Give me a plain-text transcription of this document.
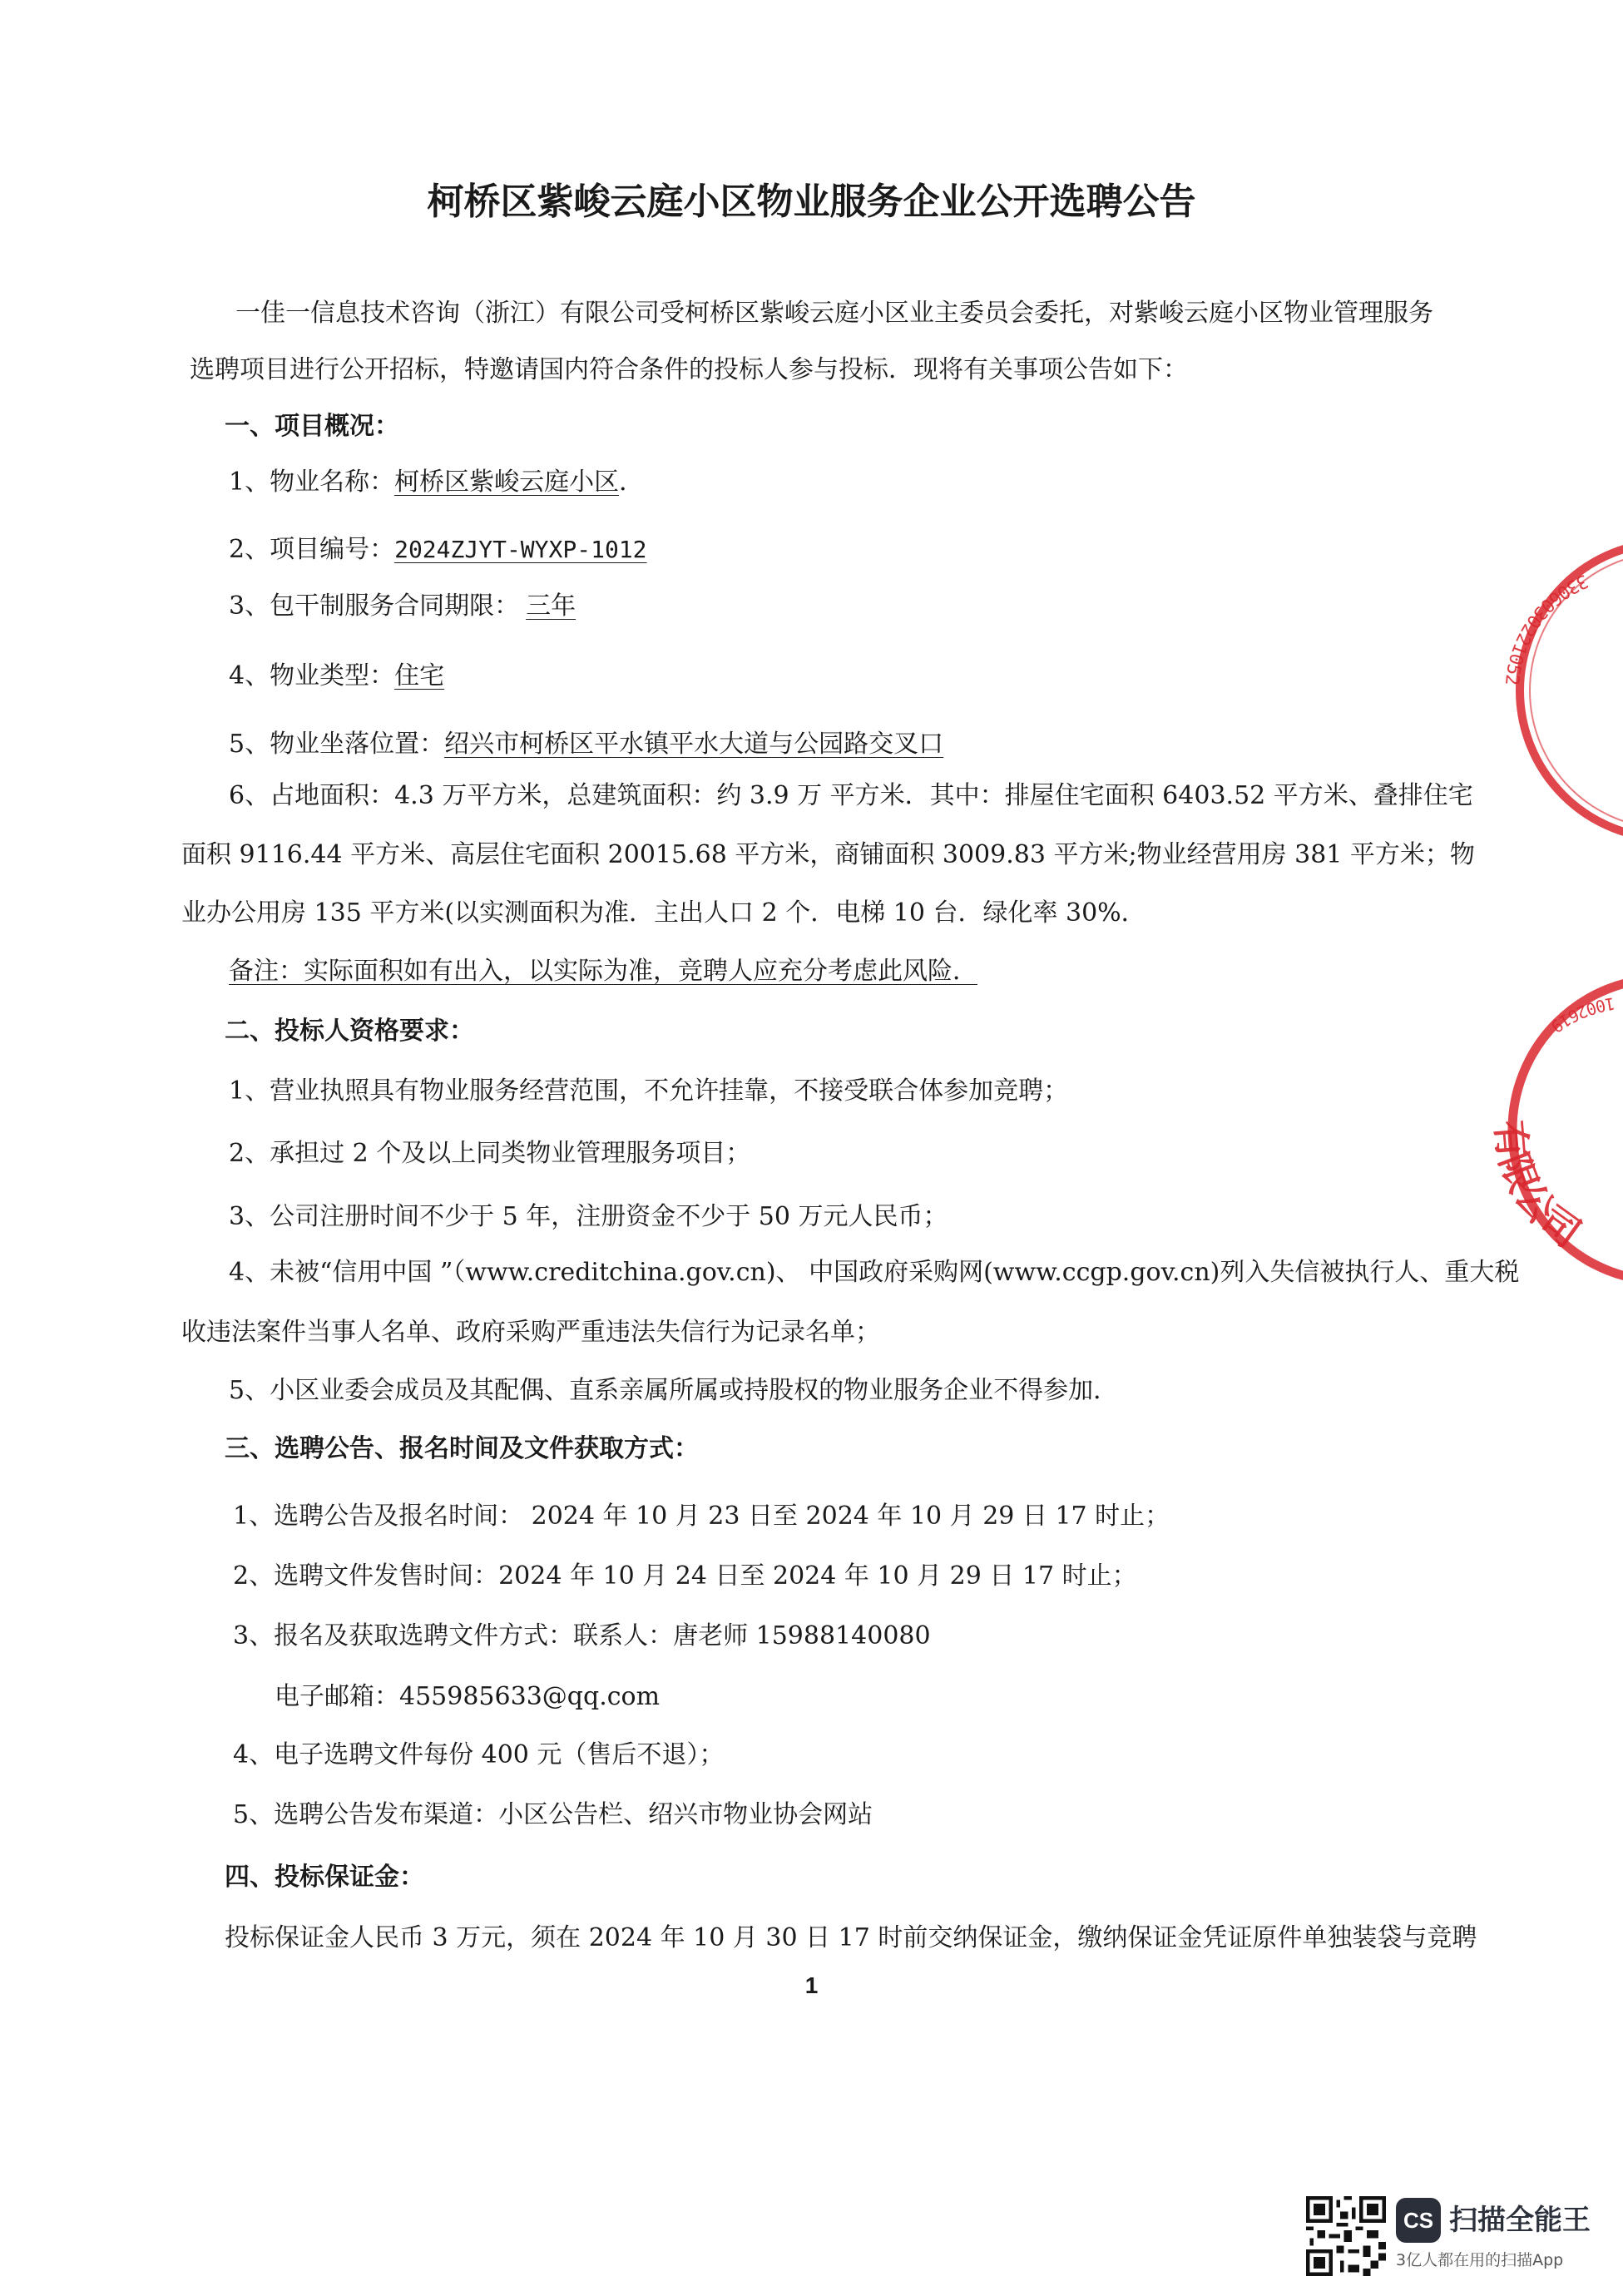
柯桥区紫峻云庭小区物业服务企业公开选聘公告
一佳一信息技术咨询（浙江）有限公司受柯桥区紫峻云庭小区业主委员会委托，对紫峻云庭小区物业管理服务
选聘项目进行公开招标，特邀请国内符合条件的投标人参与投标．现将有关事项公告如下：
一、项目概况：
1、物业名称：柯桥区紫峻云庭小区．
2、项目编号：2024ZJYT-WYXP-1012
3、包干制服务合同期限： 三年
4、物业类型：住宅
5、物业坐落位置：绍兴市柯桥区平水镇平水大道与公园路交叉口
6、占地面积：4.3 万平方米，总建筑面积：约 3.9 万 平方米．其中：排屋住宅面积 6403.52 平方米、叠排住宅
面积 9116.44 平方米、高层住宅面积 20015.68 平方米，商铺面积 3009.83 平方米;物业经营用房 381 平方米；物
业办公用房 135 平方米(以实测面积为准．主出人口 2 个．电梯 10 台．绿化率 30%．
备注：实际面积如有出入，以实际为准，竞聘人应充分考虑此风险．
二、投标人资格要求：
1、营业执照具有物业服务经营范围，不允许挂靠，不接受联合体参加竞聘；
2、承担过 2 个及以上同类物业管理服务项目；
3、公司注册时间不少于 5 年，注册资金不少于 50 万元人民币；
4、未被“信用中国 ”（www.creditchina.gov.cn)、 中国政府采购网(www.ccgp.gov.cn)列入失信被执行人、重大税
收违法案件当事人名单、政府采购严重违法失信行为记录名单；
5、小区业委会成员及其配偶、直系亲属所属或持股权的物业服务企业不得参加．
三、选聘公告、报名时间及文件获取方式：
1、选聘公告及报名时间： 2024 年 10 月 23 日至 2024 年 10 月 29 日 17 时止；
2、选聘文件发售时间：2024 年 10 月 24 日至 2024 年 10 月 29 日 17 时止；
3、报名及获取选聘文件方式：联系人：唐老师 15988140080
电子邮箱：455985633@qq.com
4、电子选聘文件每份 400 元（售后不退）；
5、选聘公告发布渠道：小区公告栏、绍兴市物业协会网站
四、投标保证金：
投标保证金人民币 3 万元，须在 2024 年 10 月 30 日 17 时前交纳保证金，缴纳保证金凭证原件单独装袋与竞聘
1
3306030221052
1002619
有限公司
CS 扫描全能王
3亿人都在用的扫描App
